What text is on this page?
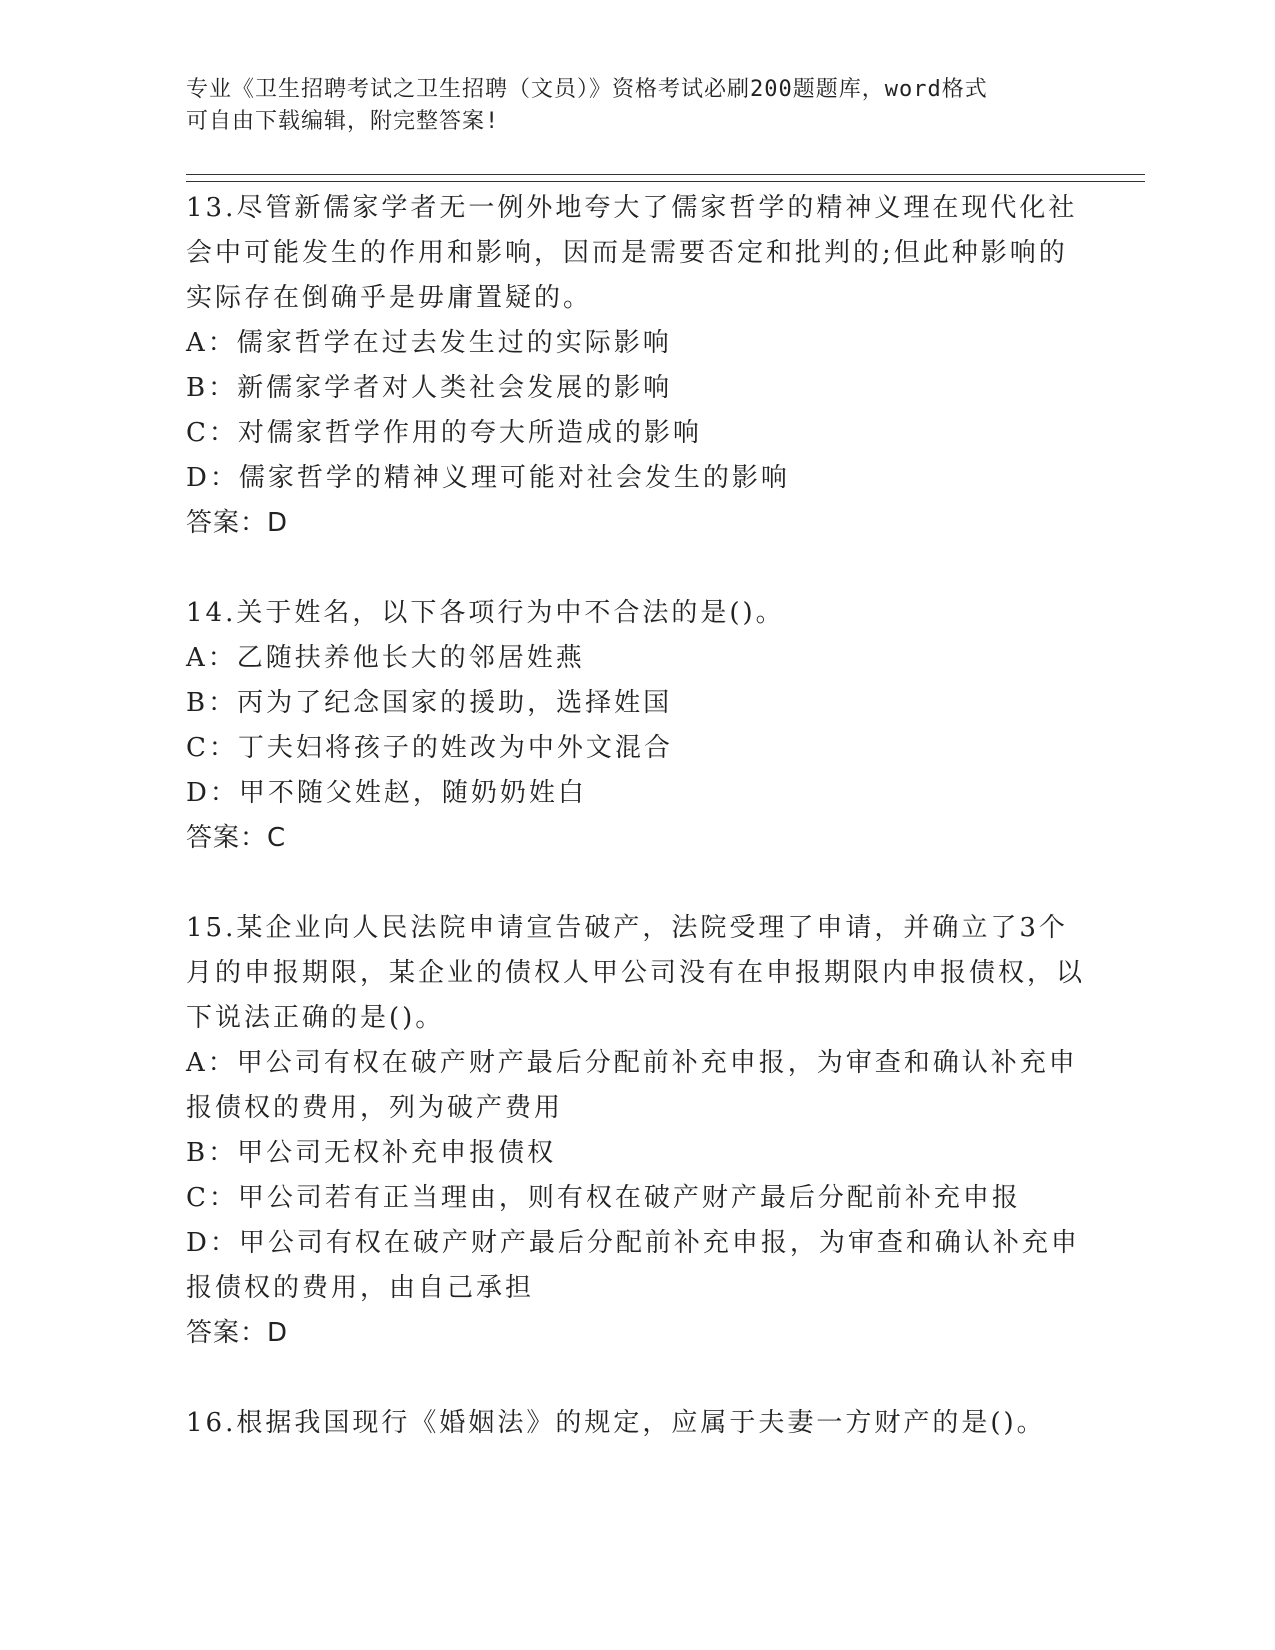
专业《卫生招聘考试之卫生招聘（文员）》资格考试必刷200题题库，word格式
可自由下载编辑，附完整答案!

13.尽管新儒家学者无一例外地夸大了儒家哲学的精神义理在现代化社会中可能发生的作用和影响，因而是需要否定和批判的;但此种影响的实际存在倒确乎是毋庸置疑的。

A：儒家哲学在过去发生过的实际影响

B：新儒家学者对人类社会发展的影响

C：对儒家哲学作用的夸大所造成的影响

D：儒家哲学的精神义理可能对社会发生的影响

答案：D

14.关于姓名，以下各项行为中不合法的是()。

A：乙随扶养他长大的邻居姓燕

B：丙为了纪念国家的援助，选择姓国

C：丁夫妇将孩子的姓改为中外文混合

D：甲不随父姓赵，随奶奶姓白

答案：C

15.某企业向人民法院申请宣告破产，法院受理了申请，并确立了3个月的申报期限，某企业的债权人甲公司没有在申报期限内申报债权，以下说法正确的是()。

A：甲公司有权在破产财产最后分配前补充申报，为审查和确认补充申报债权的费用，列为破产费用

B：甲公司无权补充申报债权

C：甲公司若有正当理由，则有权在破产财产最后分配前补充申报

D：甲公司有权在破产财产最后分配前补充申报，为审查和确认补充申报债权的费用，由自己承担

答案：D

16.根据我国现行《婚姻法》的规定，应属于夫妻一方财产的是()。
